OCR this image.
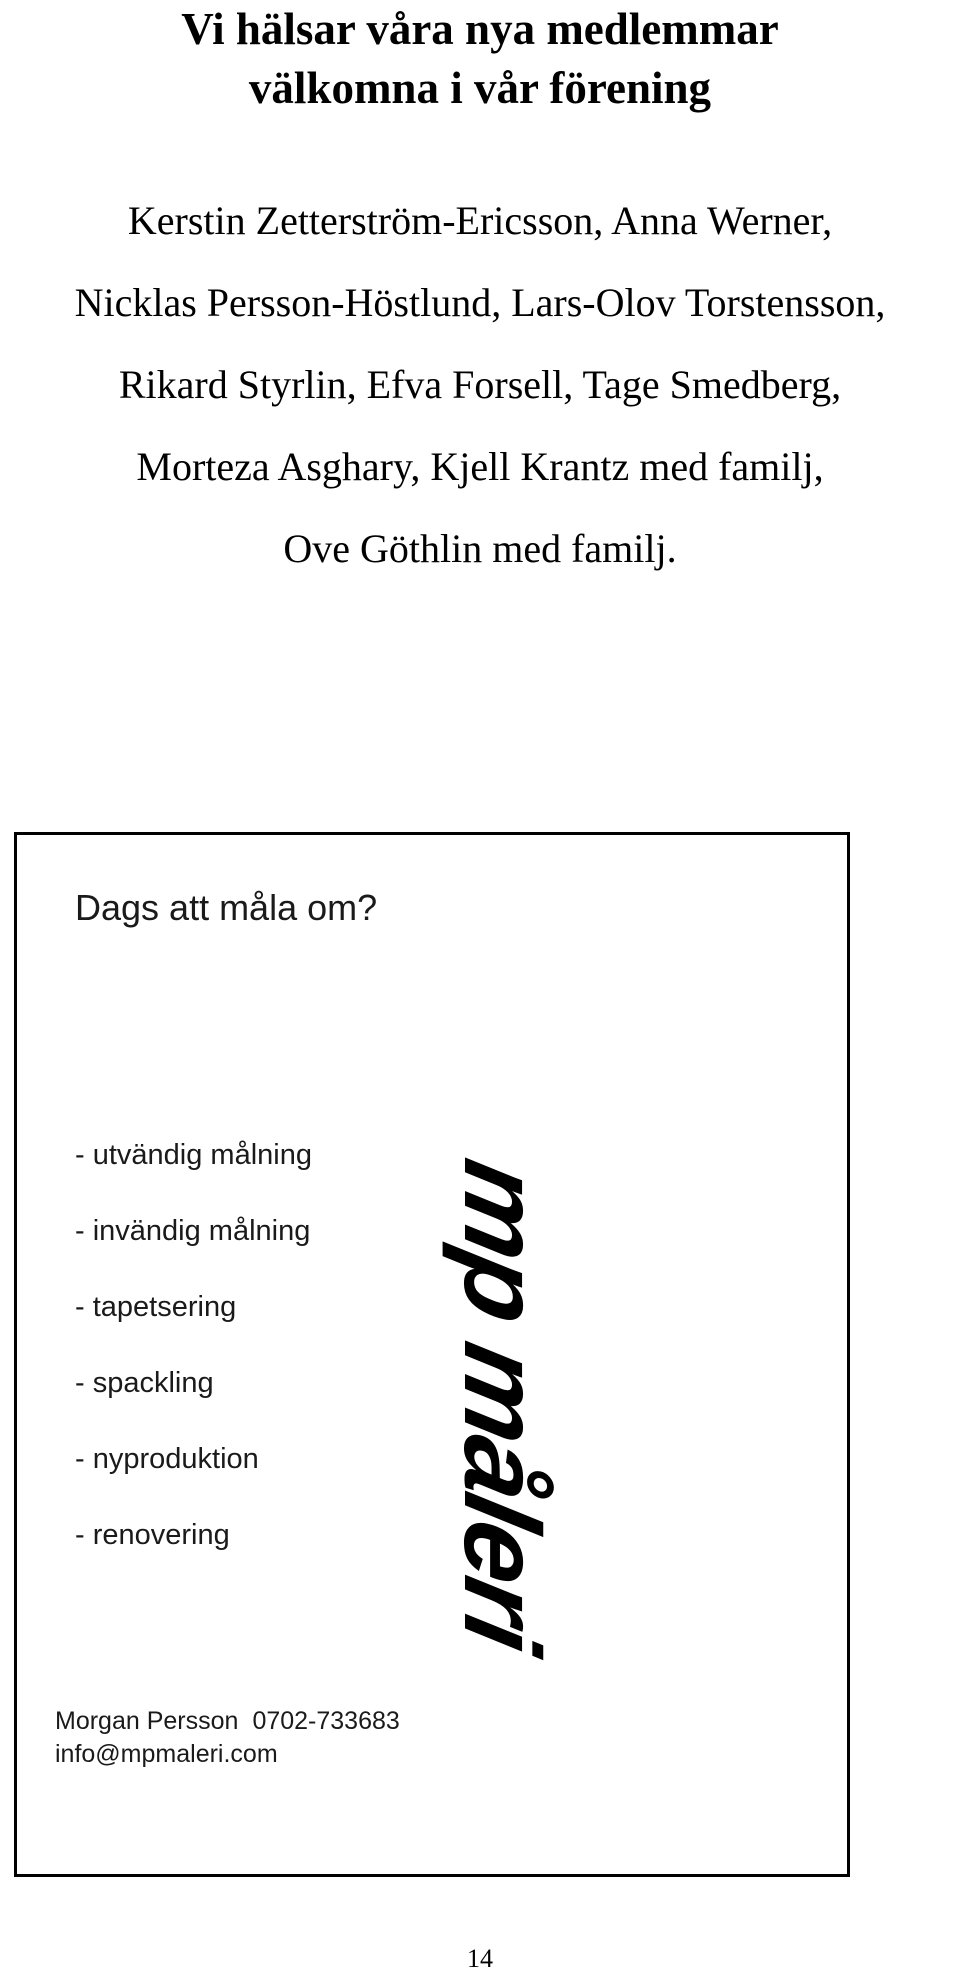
Vi hälsar våra nya medlemmar
välkomna i vår förening
Kerstin Zetterström-Ericsson, Anna Werner,
Nicklas Persson-Höstlund, Lars-Olov Torstensson,
Rikard Styrlin, Efva Forsell, Tage Smedberg,
Morteza Asghary, Kjell Krantz med familj,
Ove Göthlin med familj.
Dags att måla om?
- utvändig målning
- invändig målning
- tapetsering
- spackling
- nyproduktion
- renovering	mp måleri
Morgan Persson 0702-733683
info@mpmaleri.com
14
